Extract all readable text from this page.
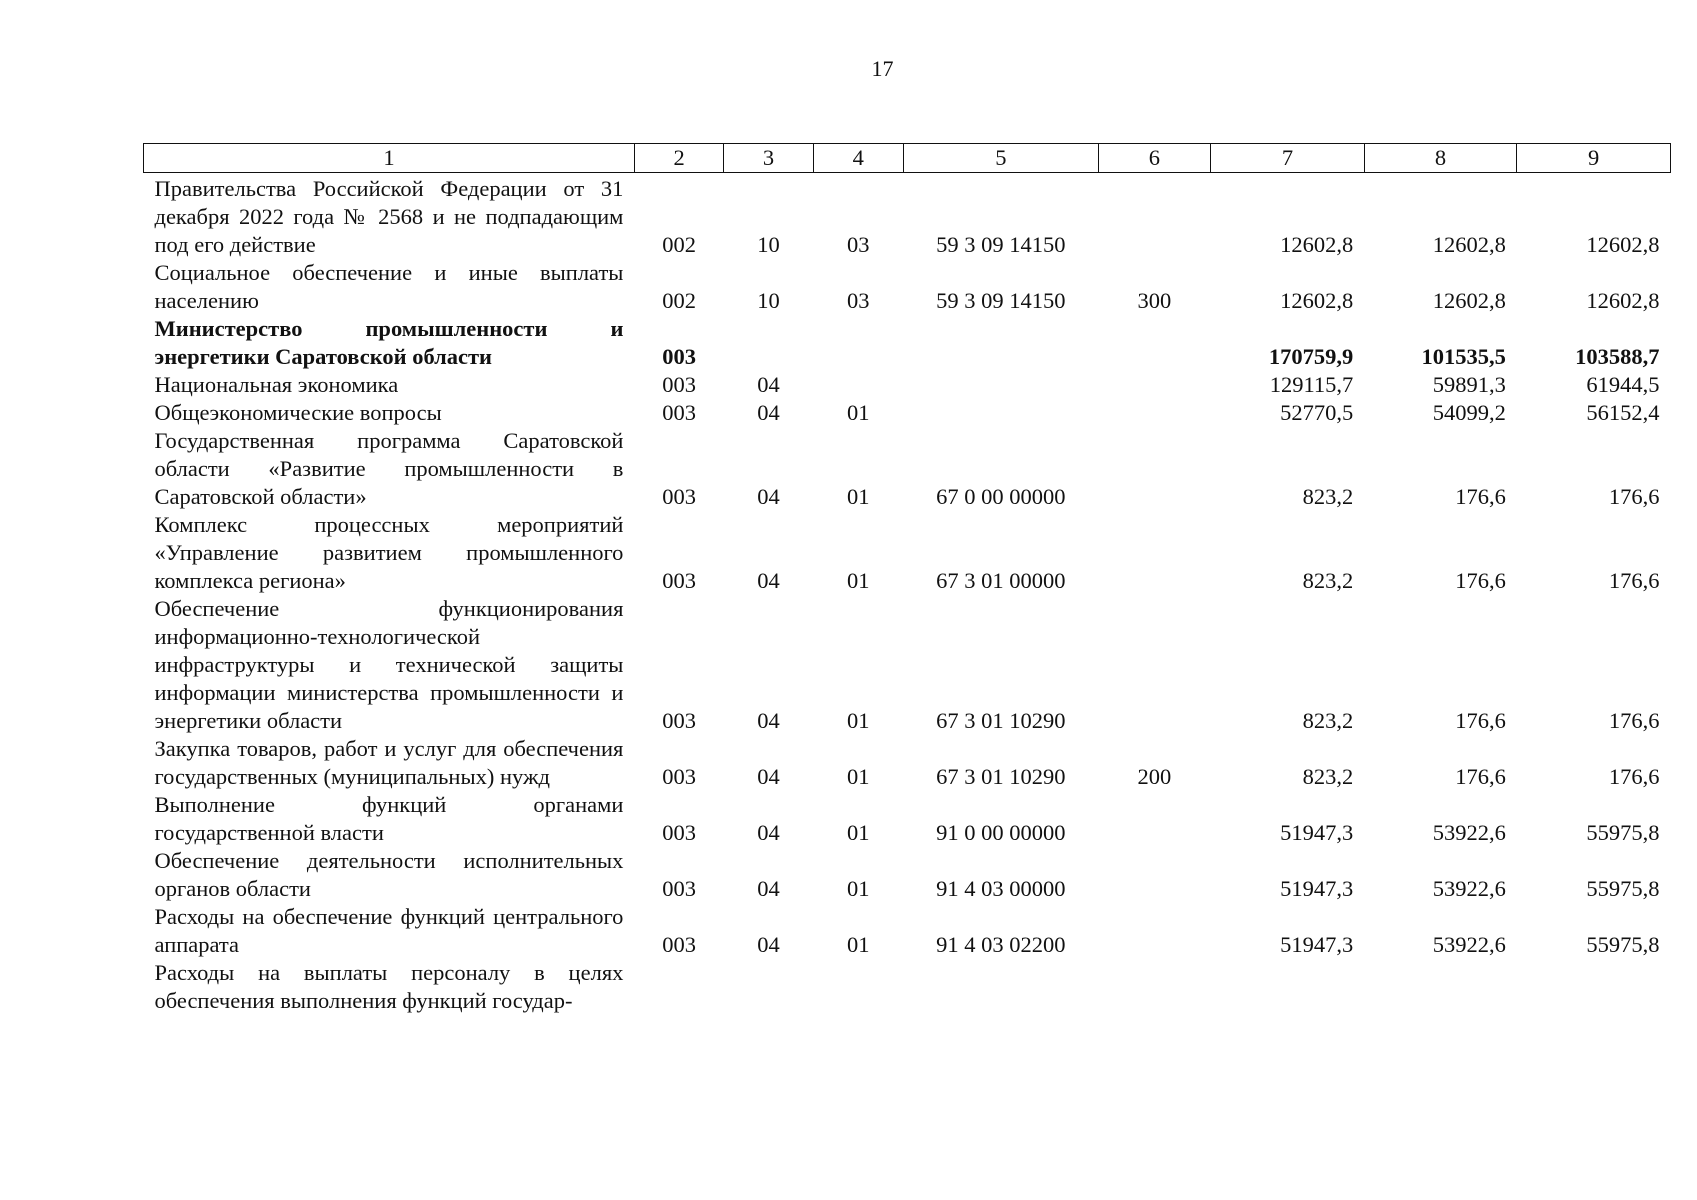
17
1	2	3	4	5	6	7	8	9
Правительства Российской Федерации от 31 декабря 2022 года № 2568 и не подпадающим под его действие	002	10	03	59 3 09 14150		12602,8	12602,8	12602,8
Социальное обеспечение и иные выплаты населению	002	10	03	59 3 09 14150	300	12602,8	12602,8	12602,8
Министерство промышленности и энергетики Саратовской области	003					170759,9	101535,5	103588,7
Национальная экономика	003	04				129115,7	59891,3	61944,5
Общеэкономические вопросы	003	04	01			52770,5	54099,2	56152,4
Государственная программа Саратовской области «Развитие промышленности в Саратовской области»	003	04	01	67 0 00 00000		823,2	176,6	176,6
Комплекс процессных мероприятий «Управление развитием промышленного комплекса региона»	003	04	01	67 3 01 00000		823,2	176,6	176,6
Обеспечение функционирования информационно-технологической инфраструктуры и технической защиты информации министерства промышленности и энергетики области	003	04	01	67 3 01 10290		823,2	176,6	176,6
Закупка товаров, работ и услуг для обеспечения государственных (муниципальных) нужд	003	04	01	67 3 01 10290	200	823,2	176,6	176,6
Выполнение функций органами государственной власти	003	04	01	91 0 00 00000		51947,3	53922,6	55975,8
Обеспечение деятельности исполнительных органов области	003	04	01	91 4 03 00000		51947,3	53922,6	55975,8
Расходы на обеспечение функций центрального аппарата	003	04	01	91 4 03 02200		51947,3	53922,6	55975,8
Расходы на выплаты персоналу в целях обеспечения выполнения функций государ-								
